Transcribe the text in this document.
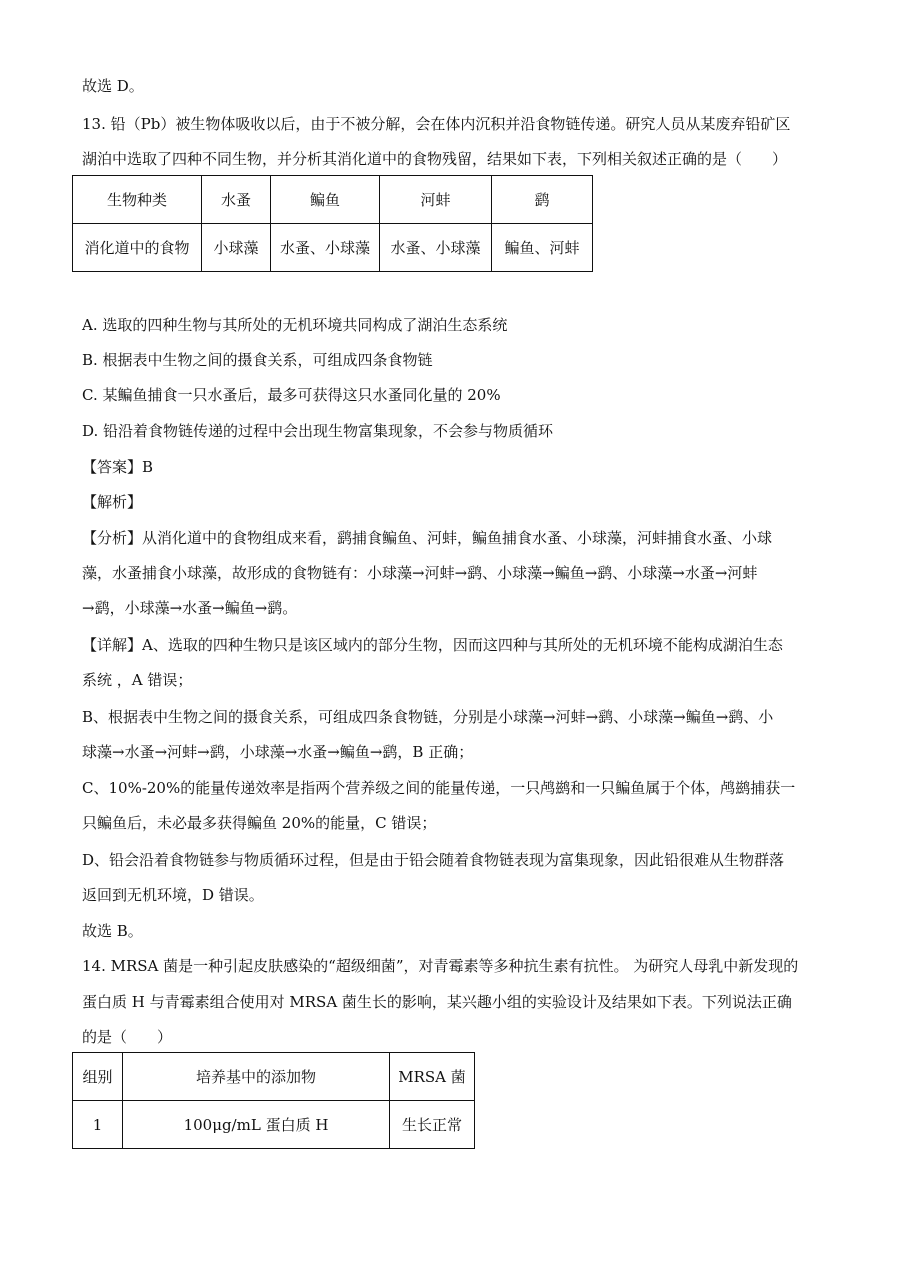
故选 D。
13. 铅（Pb）被生物体吸收以后，由于不被分解，会在体内沉积并沿食物链传递。研究人员从某废弃铅矿区
湖泊中选取了四种不同生物，并分析其消化道中的食物残留，结果如下表，下列相关叙述正确的是（　　）
生物种类	水蚤	鳊鱼	河蚌	鹞
消化道中的食物	小球藻	水蚤、小球藻	水蚤、小球藻	鳊鱼、河蚌
A. 选取的四种生物与其所处的无机环境共同构成了湖泊生态系统
B. 根据表中生物之间的摄食关系，可组成四条食物链
C. 某鳊鱼捕食一只水蚤后，最多可获得这只水蚤同化量的 20%
D. 铅沿着食物链传递的过程中会出现生物富集现象，不会参与物质循环
【答案】B
【解析】
【分析】从消化道中的食物组成来看，鹞捕食鳊鱼、河蚌，鳊鱼捕食水蚤、小球藻，河蚌捕食水蚤、小球
藻，水蚤捕食小球藻，故形成的食物链有：小球藻→河蚌→鹞、小球藻→鳊鱼→鹞、小球藻→水蚤→河蚌
→鹞，小球藻→水蚤→鳊鱼→鹞。
【详解】A、选取的四种生物只是该区域内的部分生物，因而这四种与其所处的无机环境不能构成湖泊生态
系统 ，A 错误；
B、根据表中生物之间的摄食关系，可组成四条食物链，分别是小球藻→河蚌→鹞、小球藻→鳊鱼→鹞、小
球藻→水蚤→河蚌→鹞，小球藻→水蚤→鳊鱼→鹞，B 正确；
C、10%-20%的能量传递效率是指两个营养级之间的能量传递，一只鸬鹚和一只鳊鱼属于个体，鸬鹚捕获一
只鳊鱼后，未必最多获得鳊鱼 20%的能量，C 错误；
D、铅会沿着食物链参与物质循环过程，但是由于铅会随着食物链表现为富集现象，因此铅很难从生物群落
返回到无机环境，D 错误。
故选 B。
14. MRSA 菌是一种引起皮肤感染的“超级细菌”，对青霉素等多种抗生素有抗性。 为研究人母乳中新发现的
蛋白质 H 与青霉素组合使用对 MRSA 菌生长的影响，某兴趣小组的实验设计及结果如下表。下列说法正确
的是（　　）
组别	培养基中的添加物	MRSA 菌
1	100μg/mL 蛋白质 H	生长正常
